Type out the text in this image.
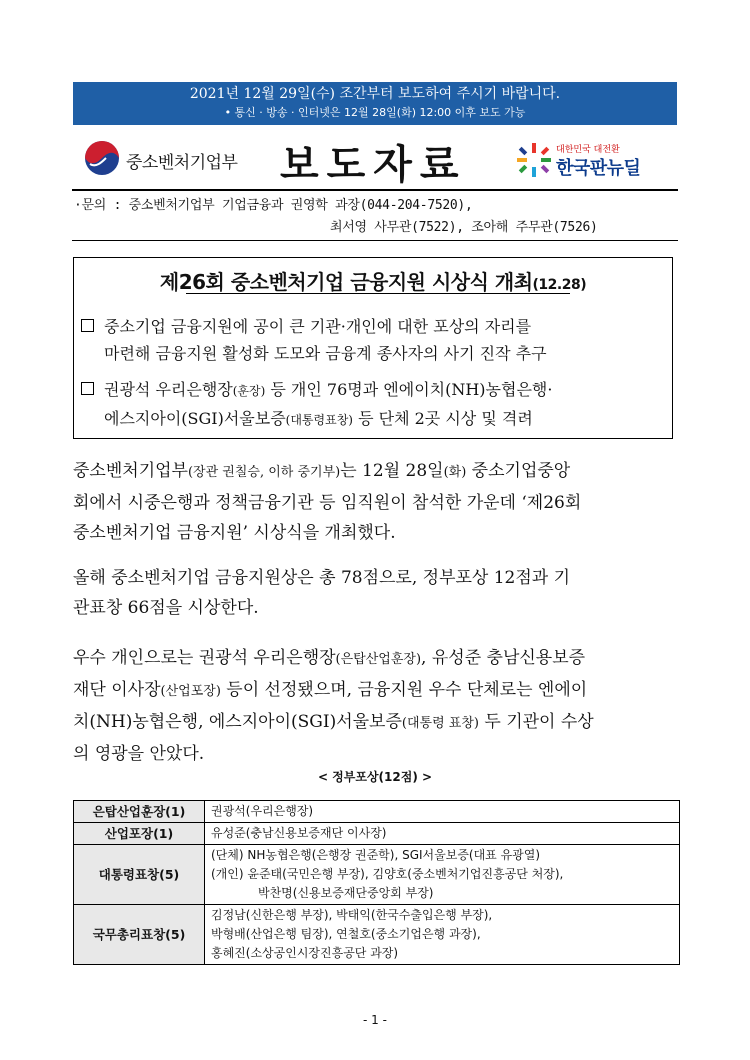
2021년 12월 29일(수) 조간부터 보도하여 주시기 바랍니다.
• 통신 · 방송 · 인터넷은 12월 28일(화) 12:00 이후 보도 가능
중소벤처기업부 보도자료	대한민국 대전환
한국판뉴딜
·문의 : 중소벤처기업부 기업금융과 권영학 과장(044-204-7520),
최서영 사무관(7522), 조아해 주무관(7526)
제26회 중소벤처기업 금융지원 시상식 개최(12.28)
중소기업 금융지원에 공이 큰 기관·개인에 대한 포상의 자리를
마련해 금융지원 활성화 도모와 금융계 종사자의 사기 진작 추구
권광석 우리은행장(훈장) 등 개인 76명과 엔에이치(NH)농협은행·
에스지아이(SGI)서울보증(대통령표창) 등 단체 2곳 시상 및 격려
중소벤처기업부(장관 권칠승, 이하 중기부)는 12월 28일(화) 중소기업중앙
회에서 시중은행과 정책금융기관 등 임직원이 참석한 가운데 ‘제26회
중소벤처기업 금융지원’ 시상식을 개최했다.
올해 중소벤처기업 금융지원상은 총 78점으로, 정부포상 12점과 기
관표창 66점을 시상한다.
우수 개인으로는 권광석 우리은행장(은탑산업훈장), 유성준 충남신용보증
재단 이사장(산업포장) 등이 선정됐으며, 금융지원 우수 단체로는 엔에이
치(NH)농협은행, 에스지아이(SGI)서울보증(대통령 표창) 두 기관이 수상
의 영광을 안았다.
< 정부포상(12점) >
은탑산업훈장(1)	권광석(우리은행장)

산업포장(1)	유성준(충남신용보증재단 이사장)

대통령표창(5)	(단체) NH농협은행(은행장 권준학), SGI서울보증(대표 유광열)
(개인) 윤준태(국민은행 부장), 김양호(중소벤처기업진흥공단 처장),
박찬명(신용보증재단중앙회 부장)

국무총리표창(5)	김정남(신한은행 부장), 박태익(한국수출입은행 부장),
박형배(산업은행 팀장), 연철호(중소기업은행 과장),
홍혜진(소상공인시장진흥공단 과장)
- 1 -
